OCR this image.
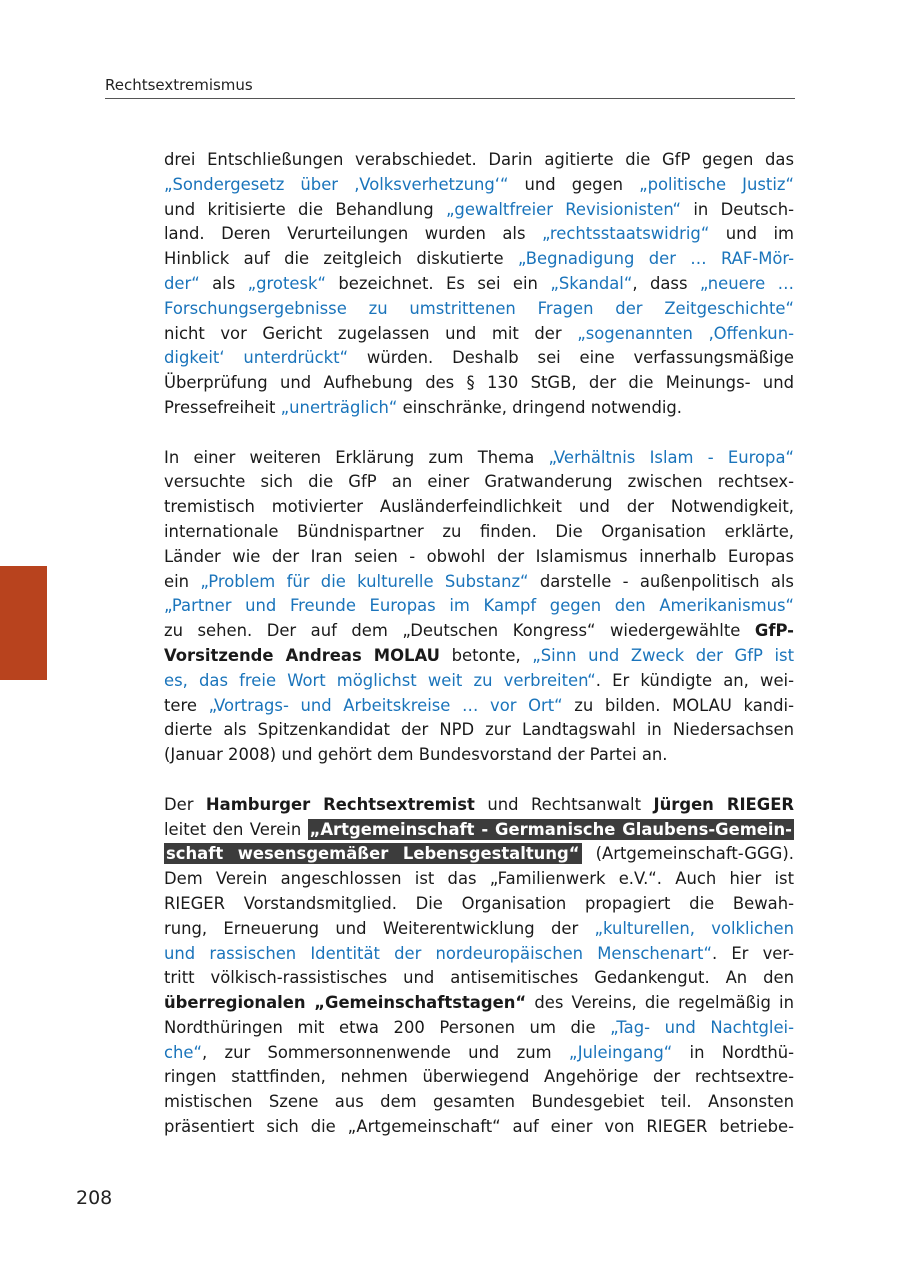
Rechtsextremismus
drei Entschließungen verabschiedet. Darin agitierte die GfP gegen das
„Sondergesetz über ‚Volksverhetzung‘“ und gegen „politische Justiz“
und kritisierte die Behandlung „gewaltfreier Revisionisten“ in Deutsch-
land. Deren Verurteilungen wurden als „rechtsstaatswidrig“ und im
Hinblick auf die zeitgleich diskutierte „Begnadigung der … RAF-Mör-
der“ als „grotesk“ bezeichnet. Es sei ein „Skandal“, dass „neuere …
Forschungsergebnisse zu umstrittenen Fragen der Zeitgeschichte“
nicht vor Gericht zugelassen und mit der „sogenannten ‚Offenkun-
digkeit‘ unterdrückt“ würden. Deshalb sei eine verfassungsmäßige
Überprüfung und Aufhebung des § 130 StGB, der die Meinungs- und
Pressefreiheit „unerträglich“ einschränke, dringend notwendig.
In einer weiteren Erklärung zum Thema „Verhältnis Islam - Europa“
versuchte sich die GfP an einer Gratwanderung zwischen rechtsex-
tremistisch motivierter Ausländerfeindlichkeit und der Notwendigkeit,
internationale Bündnispartner zu finden. Die Organisation erklärte,
Länder wie der Iran seien - obwohl der Islamismus innerhalb Europas
ein „Problem für die kulturelle Substanz“ darstelle - außenpolitisch als
„Partner und Freunde Europas im Kampf gegen den Amerikanismus“
zu sehen. Der auf dem „Deutschen Kongress“ wiedergewählte GfP-
Vorsitzende Andreas MOLAU betonte, „Sinn und Zweck der GfP ist
es, das freie Wort möglichst weit zu verbreiten“. Er kündigte an, wei-
tere „Vortrags- und Arbeitskreise … vor Ort“ zu bilden. MOLAU kandi-
dierte als Spitzenkandidat der NPD zur Landtagswahl in Niedersachsen
(Januar 2008) und gehört dem Bundesvorstand der Partei an.
Der Hamburger Rechtsextremist und Rechtsanwalt Jürgen RIEGER
leitet den Verein „Artgemeinschaft - Germanische Glaubens-Gemein-
schaft wesensgemäßer Lebensgestaltung“ (Artgemeinschaft-GGG).
Dem Verein angeschlossen ist das „Familienwerk e.V.“. Auch hier ist
RIEGER Vorstandsmitglied. Die Organisation propagiert die Bewah-
rung, Erneuerung und Weiterentwicklung der „kulturellen, volklichen
und rassischen Identität der nordeuropäischen Menschenart“. Er ver-
tritt völkisch-rassistisches und antisemitisches Gedankengut. An den
überregionalen „Gemeinschaftstagen“ des Vereins, die regelmäßig in
Nordthüringen mit etwa 200 Personen um die „Tag- und Nachtglei-
che“, zur Sommersonnenwende und zum „Juleingang“ in Nordthü-
ringen stattfinden, nehmen überwiegend Angehörige der rechtsextre-
mistischen Szene aus dem gesamten Bundesgebiet teil. Ansonsten
präsentiert sich die „Artgemeinschaft“ auf einer von RIEGER betriebe-
208
